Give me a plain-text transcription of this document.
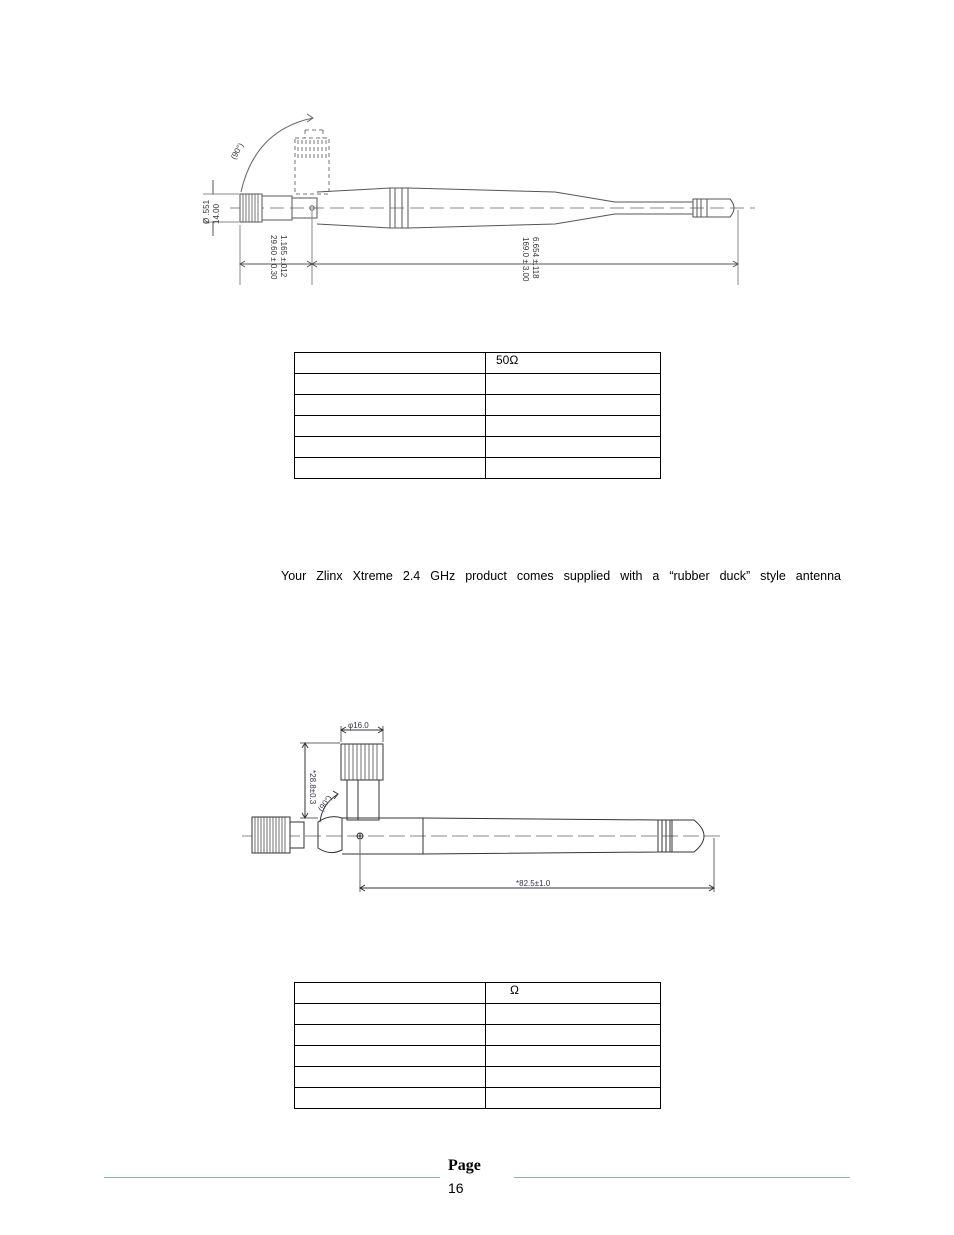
(90°)
Ø .551 14.00
1.165 ±.012
29.60 ± 0.30	6.654 ±.118
169.0 ± 3.00
	50Ω

Your Zlinx Xtreme 2.4 GHz product comes supplied with a “rubber duck” style antenna

φ16.0
*28.8±0.3 (90°)
*82.5±1.0
	Ω

Page
16
